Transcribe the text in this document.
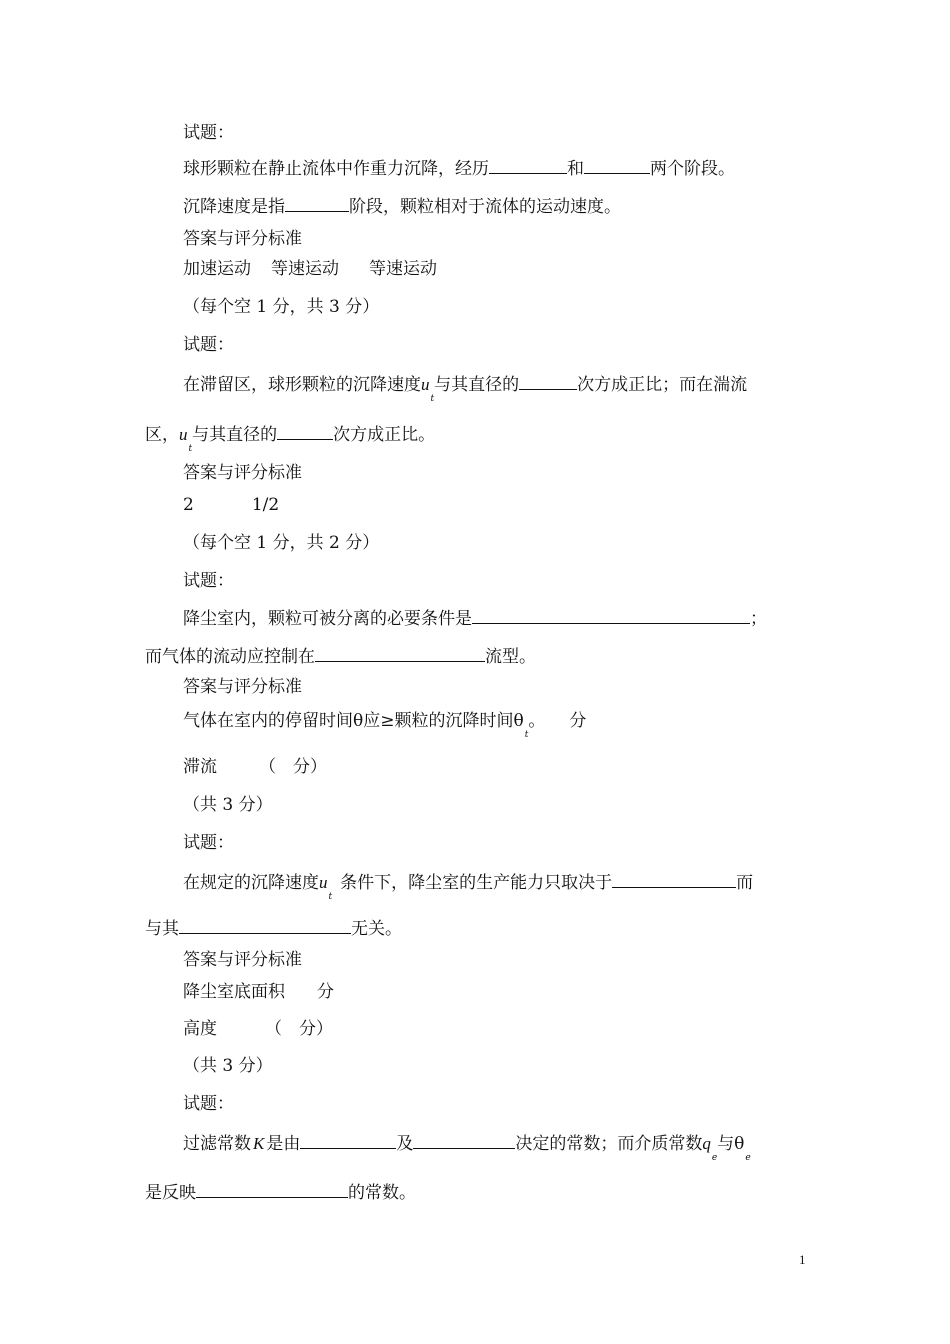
试题：
球形颗粒在静止流体中作重力沉降，经历	和	两个阶段。
沉降速度是指	阶段，颗粒相对于流体的运动速度。
答案与评分标准
加速运动 等速运动 等速运动
（每个空 1 分，共 3 分）
试题：
在滞留区，球形颗粒的沉降速度$u_t$与其直径的	次方成正比；而在湍流
区，$u_t$与其直径的	次方成正比。
答案与评分标准
2	1/2
（每个空 1 分，共 2 分）
试题：
降尘室内，颗粒可被分离的必要条件是	；
而气体的流动应控制在	流型。
答案与评分标准
气体在室内的停留时间θ应≥颗粒的沉降时间$\theta_t$。 分
滞流 （　分）
（共 3 分）
试题：
在规定的沉降速度$u_t$条件下，降尘室的生产能力只取决于	而
与其	无关。
答案与评分标准
降尘室底面积 分
高度	（　分）
（共 3 分）
试题：
过滤常数 K 是由	及	决定的常数；而介质常数$q_e$与$\theta_e$
是反映	的常数。
1
